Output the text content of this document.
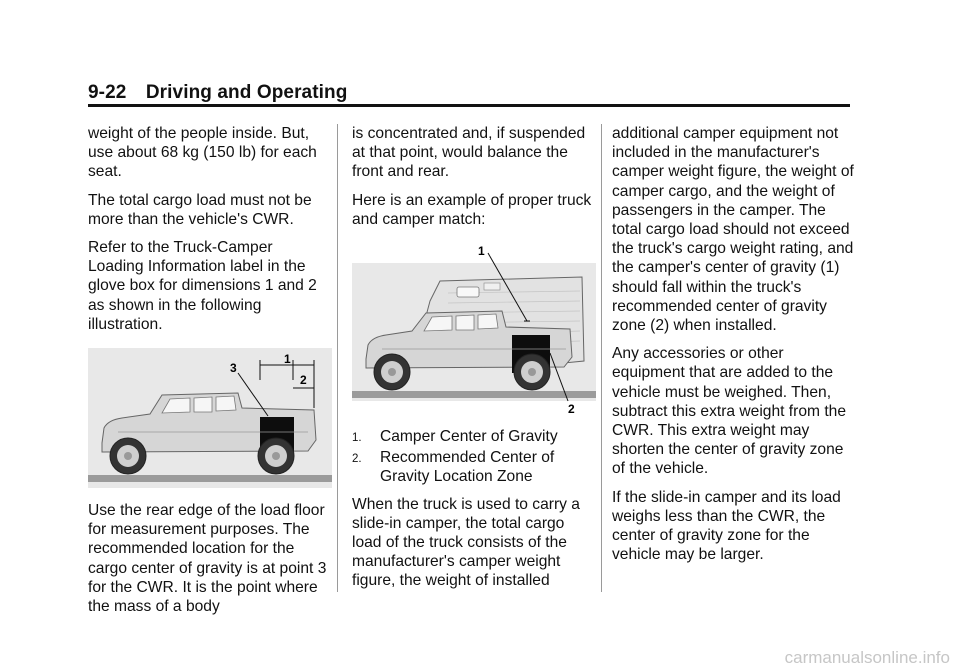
9-22 Driving and Operating

weight of the people inside. But, use about 68 kg (150 lb) for each seat.

The total cargo load must not be more than the vehicle's CWR.

Refer to the Truck-Camper Loading Information label in the glove box for dimensions 1 and 2 as shown in the following illustration.

3
1
2

Use the rear edge of the load floor for measurement purposes. The recommended location for the cargo center of gravity is at point 3 for the CWR. It is the point where the mass of a body

is concentrated and, if suspended at that point, would balance the front and rear.

Here is an example of proper truck and camper match:

1
2
1. Camper Center of Gravity
2. Recommended Center of Gravity Location Zone

When the truck is used to carry a slide-in camper, the total cargo load of the truck consists of the manufacturer's camper weight figure, the weight of installed

additional camper equipment not included in the manufacturer's camper weight figure, the weight of camper cargo, and the weight of passengers in the camper. The total cargo load should not exceed the truck's cargo weight rating, and the camper's center of gravity (1) should fall within the truck's recommended center of gravity zone (2) when installed.

Any accessories or other equipment that are added to the vehicle must be weighed. Then, subtract this extra weight from the CWR. This extra weight may shorten the center of gravity zone of the vehicle.

If the slide-in camper and its load weighs less than the CWR, the center of gravity zone for the vehicle may be larger.

carmanualsonline.info
